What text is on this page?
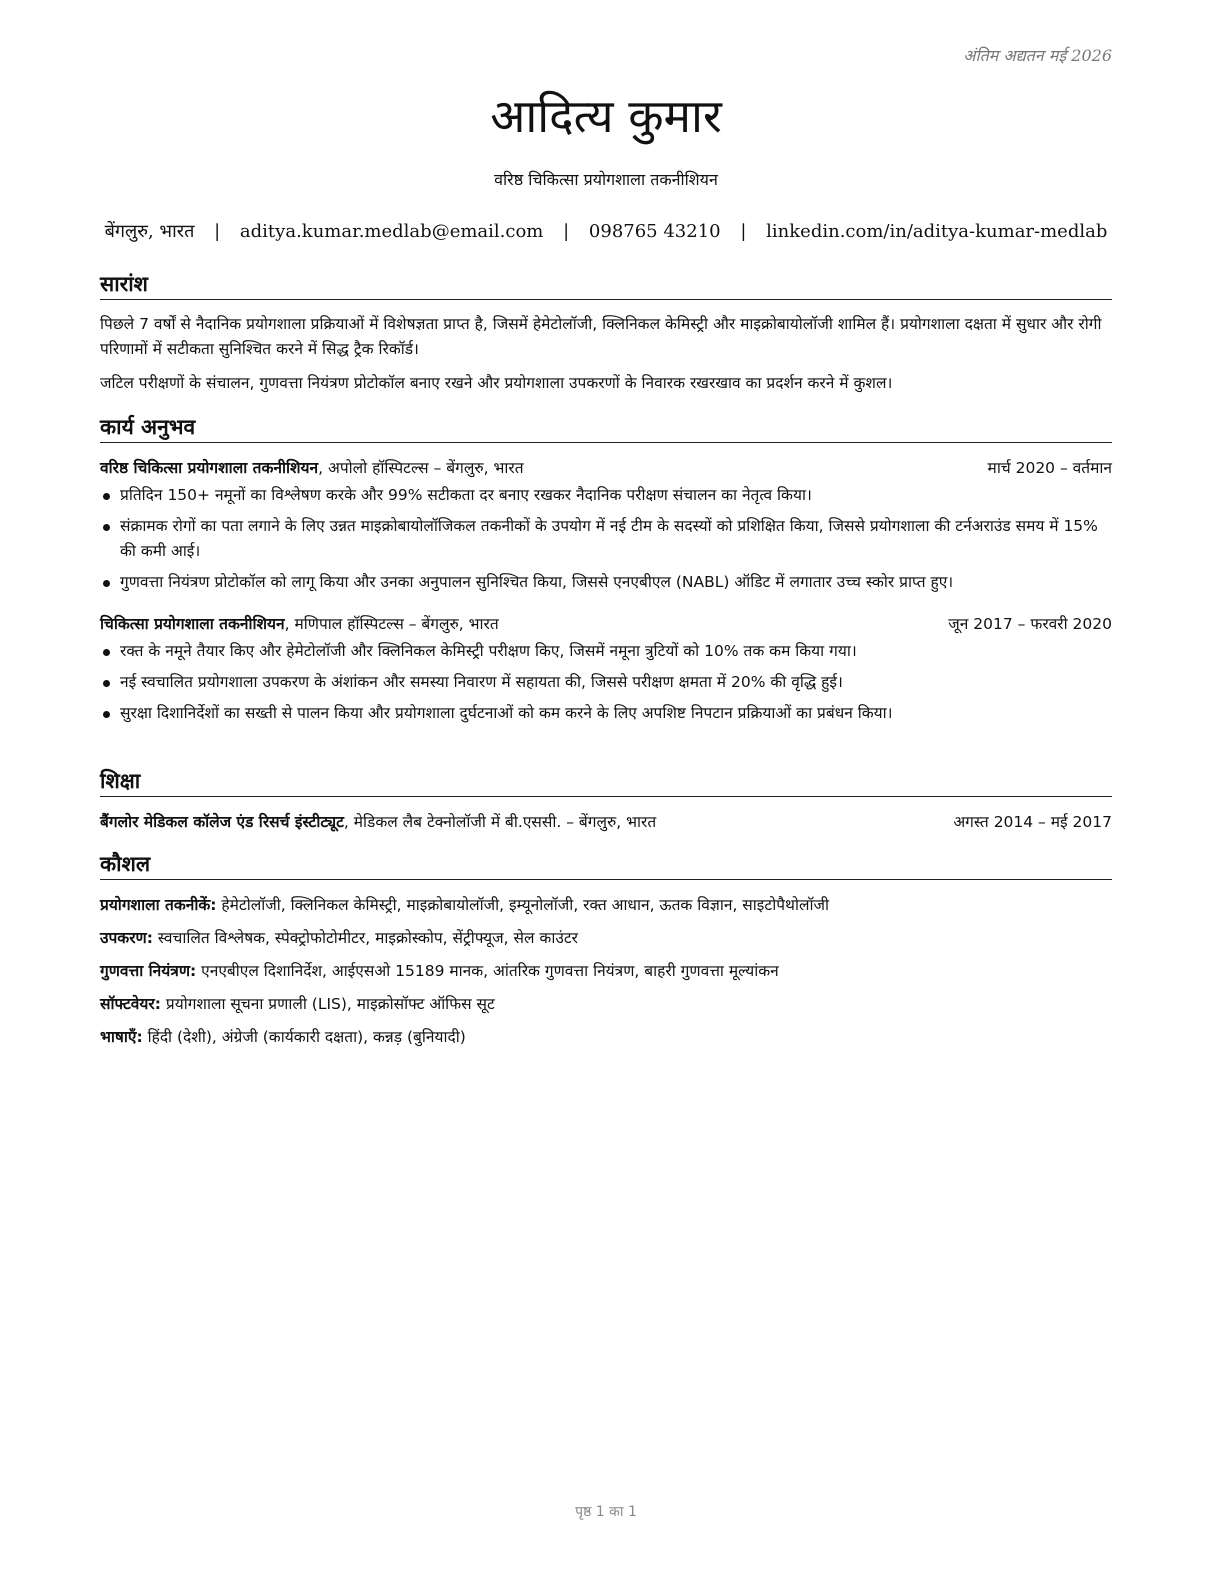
अंतिम अद्यतन मई 2026
आदित्य कुमार
वरिष्ठ चिकित्सा प्रयोगशाला तकनीशियन
बेंगलुरु, भारत | aditya.kumar.medlab@email.com | 098765 43210 | linkedin.com/in/aditya-kumar-medlab
सारांश

पिछले 7 वर्षों से नैदानिक प्रयोगशाला प्रक्रियाओं में विशेषज्ञता प्राप्त है, जिसमें हेमेटोलॉजी, क्लिनिकल केमिस्ट्री और माइक्रोबायोलॉजी शामिल हैं। प्रयोगशाला दक्षता में सुधार और रोगी परिणामों में सटीकता सुनिश्चित करने में सिद्ध ट्रैक रिकॉर्ड।

जटिल परीक्षणों के संचालन, गुणवत्ता नियंत्रण प्रोटोकॉल बनाए रखने और प्रयोगशाला उपकरणों के निवारक रखरखाव का प्रदर्शन करने में कुशल।

कार्य अनुभव
वरिष्ठ चिकित्सा प्रयोगशाला तकनीशियन, अपोलो हॉस्पिटल्स – बेंगलुरु, भारत	मार्च 2020 – वर्तमान
प्रतिदिन 150+ नमूनों का विश्लेषण करके और 99% सटीकता दर बनाए रखकर नैदानिक परीक्षण संचालन का नेतृत्व किया।
संक्रामक रोगों का पता लगाने के लिए उन्नत माइक्रोबायोलॉजिकल तकनीकों के उपयोग में नई टीम के सदस्यों को प्रशिक्षित किया, जिससे प्रयोगशाला की टर्नअराउंड समय में 15% की कमी आई।
गुणवत्ता नियंत्रण प्रोटोकॉल को लागू किया और उनका अनुपालन सुनिश्चित किया, जिससे एनएबीएल (NABL) ऑडिट में लगातार उच्च स्कोर प्राप्त हुए।
चिकित्सा प्रयोगशाला तकनीशियन, मणिपाल हॉस्पिटल्स – बेंगलुरु, भारत	जून 2017 – फरवरी 2020
रक्त के नमूने तैयार किए और हेमेटोलॉजी और क्लिनिकल केमिस्ट्री परीक्षण किए, जिसमें नमूना त्रुटियों को 10% तक कम किया गया।
नई स्वचालित प्रयोगशाला उपकरण के अंशांकन और समस्या निवारण में सहायता की, जिससे परीक्षण क्षमता में 20% की वृद्धि हुई।
सुरक्षा दिशानिर्देशों का सख्ती से पालन किया और प्रयोगशाला दुर्घटनाओं को कम करने के लिए अपशिष्ट निपटान प्रक्रियाओं का प्रबंधन किया।
शिक्षा
बैंगलोर मेडिकल कॉलेज एंड रिसर्च इंस्टीट्यूट, मेडिकल लैब टेक्नोलॉजी में बी.एससी. – बेंगलुरु, भारत	अगस्त 2014 – मई 2017
कौशल
प्रयोगशाला तकनीकें: हेमेटोलॉजी, क्लिनिकल केमिस्ट्री, माइक्रोबायोलॉजी, इम्यूनोलॉजी, रक्त आधान, ऊतक विज्ञान, साइटोपैथोलॉजी
उपकरण: स्वचालित विश्लेषक, स्पेक्ट्रोफोटोमीटर, माइक्रोस्कोप, सेंट्रीफ्यूज, सेल काउंटर
गुणवत्ता नियंत्रण: एनएबीएल दिशानिर्देश, आईएसओ 15189 मानक, आंतरिक गुणवत्ता नियंत्रण, बाहरी गुणवत्ता मूल्यांकन
सॉफ्टवेयर: प्रयोगशाला सूचना प्रणाली (LIS), माइक्रोसॉफ्ट ऑफिस सूट
भाषाएँ: हिंदी (देशी), अंग्रेजी (कार्यकारी दक्षता), कन्नड़ (बुनियादी)
पृष्ठ 1 का 1
